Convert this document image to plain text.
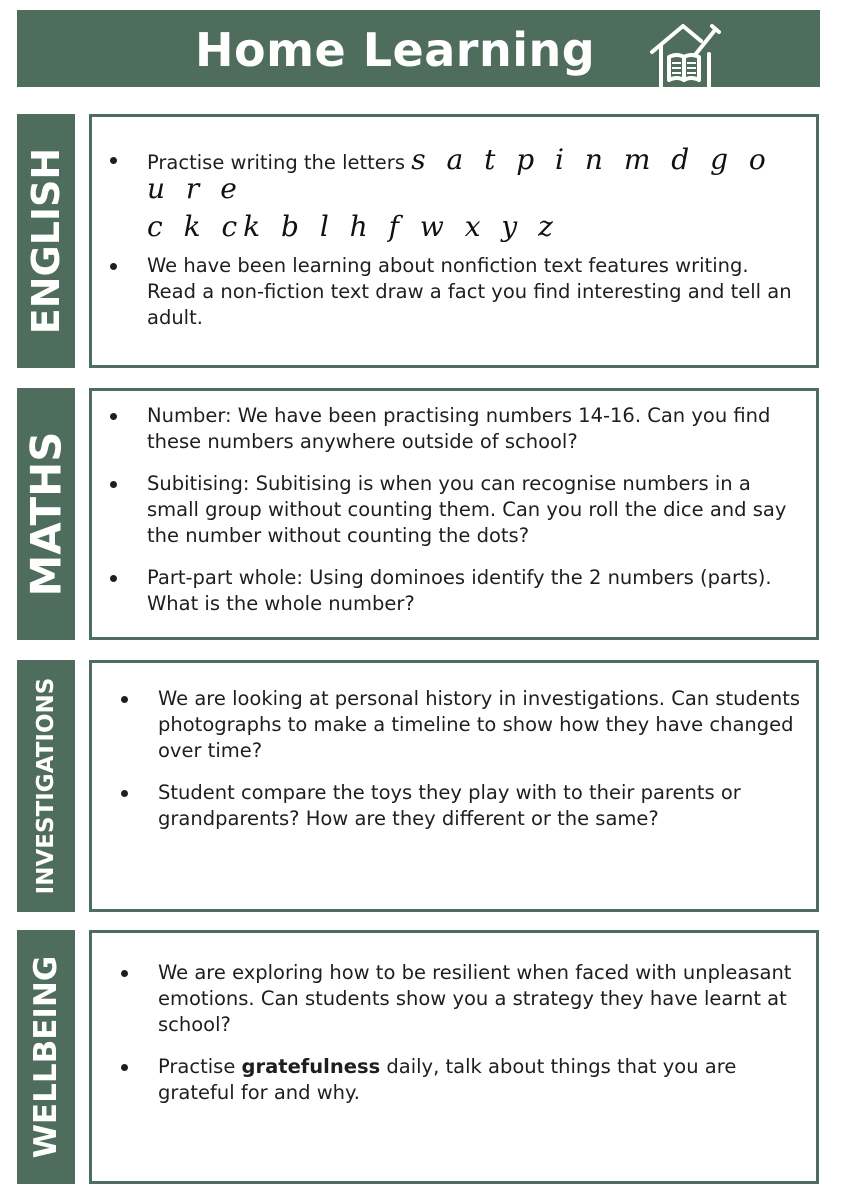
Home Learning
ENGLISH	Practise writing the letters s a t p i n m d g o u r e
c k ck b l h f w x y z
We have been learning about nonfiction text features writing. Read a non-fiction text draw a fact you find interesting and tell an adult.
MATHS
Number: We have been practising numbers 14-16. Can you find these numbers anywhere outside of school?
Subitising: Subitising is when you can recognise numbers in a small group without counting them. Can you roll the dice and say the number without counting the dots?
Part-part whole: Using dominoes identify the 2 numbers (parts). What is the whole number?
INVESTIGATIONS	We are looking at personal history in investigations. Can students photographs to make a timeline to show how they have changed over time?
Student compare the toys they play with to their parents or grandparents? How are they different or the same?
WELLBEING	We are exploring how to be resilient when faced with unpleasant emotions. Can students show you a strategy they have learnt at school?
Practise gratefulness daily, talk about things that you are grateful for and why.
